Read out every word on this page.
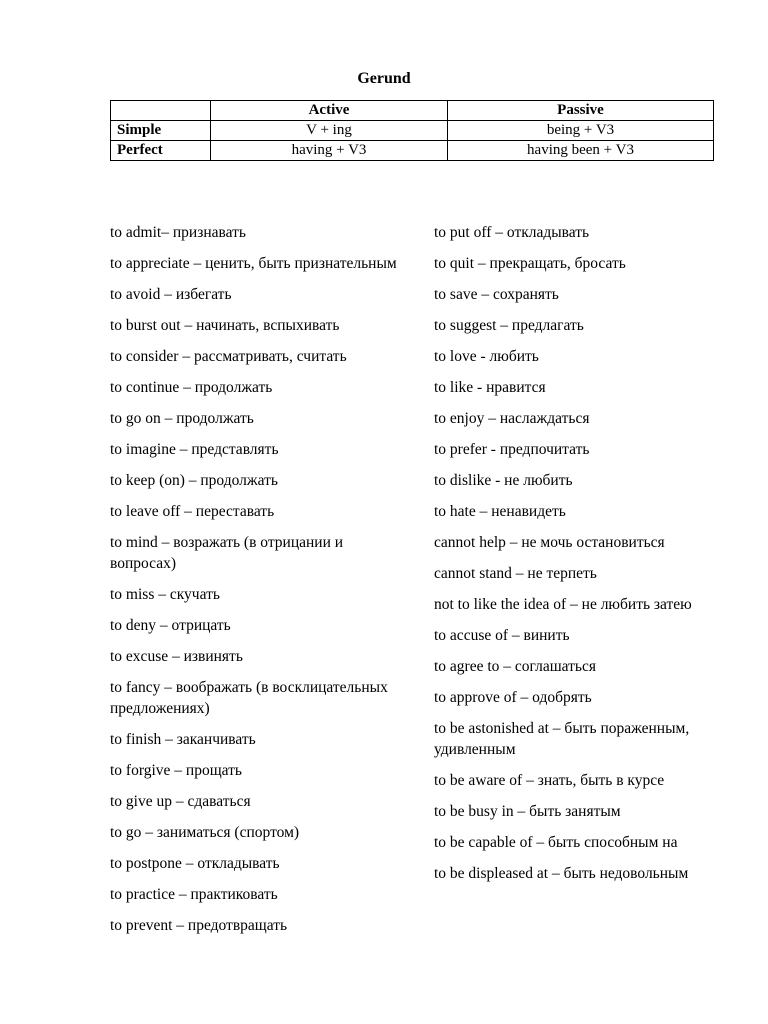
Gerund
	Active	Passive
Simple	V + ing	being + V3
Perfect	having + V3	having been + V3
to admit– признавать
to appreciate – ценить, быть признательным
to avoid – избегать
to burst out – начинать, вспыхивать
to consider – рассматривать, считать
to continue – продолжать
to go on – продолжать
to imagine – представлять
to keep (on) – продолжать
to leave off – переставать
to mind – возражать (в отрицании и вопросах)
to miss – скучать
to deny – отрицать
to excuse – извинять
to fancy – воображать (в восклицательных предложениях)
to finish – заканчивать
to forgive – прощать
to give up – сдаваться
to go – заниматься (спортом)
to postpone – откладывать
to practice – практиковать
to prevent – предотвращать
to put off – откладывать
to quit – прекращать, бросать
to save – сохранять
to suggest – предлагать
to love - любить
to like - нравится
to enjoy – наслаждаться
to prefer - предпочитать
to dislike - не любить
to hate – ненавидеть
cannot help – не мочь остановиться
cannot stand – не терпеть
not to like the idea of – не любить затею
to accuse of – винить
to agree to – соглашаться
to approve of – одобрять
to be astonished at – быть пораженным, удивленным
to be aware of – знать, быть в курсе
to be busy in – быть занятым
to be capable of – быть способным на
to be displeased at – быть недовольным
